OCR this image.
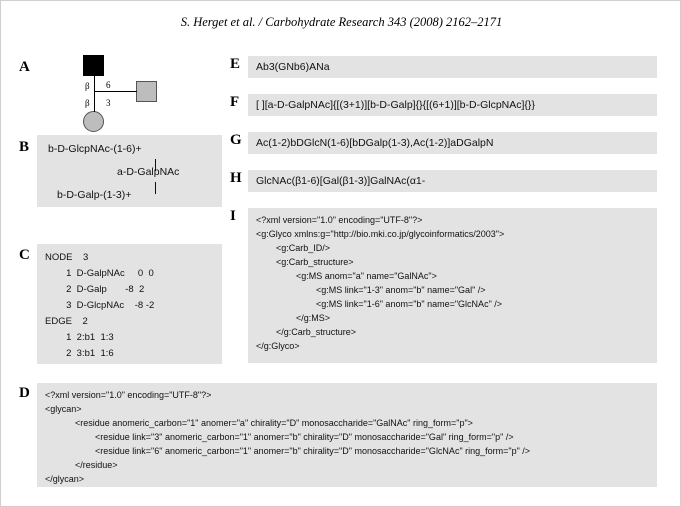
S. Herget et al. / Carbohydrate Research 343 (2008) 2162–2171
A
β 6
β 3
B b-D-GlcpNAc-(1-6)+
a-D-GalpNAc
b-D-Galp-(1-3)+
C NODE    3
1  D-GalpNAc     0  0
2  D-Galp       -8  2
3  D-GlcpNAc    -8 -2
EDGE    2
1  2:b1  1:3
2  3:b1  1:6
D <?xml version="1.0" encoding="UTF-8"?>
<glycan>
<residue anomeric_carbon="1" anomer="a" chirality="D" monosaccharide="GalNAc" ring_form="p">
<residue link="3" anomeric_carbon="1" anomer="b" chirality="D" monosaccharide="Gal" ring_form="p" />
<residue link="6" anomeric_carbon="1" anomer="b" chirality="D" monosaccharide="GlcNAc" ring_form="p" />
</residue>
</glycan>
E Ab3(GNb6)ANa
F [ ][a-D-GalpNAc]{[(3+1)][b-D-Galp]{}{[(6+1)][b-D-GlcpNAc]{}}
G Ac(1-2)bDGlcN(1-6)[bDGalp(1-3),Ac(1-2)]aDGalpN
H GlcNAc(β1-6)[Gal(β1-3)]GalNAc(α1-
I <?xml version="1.0" encoding="UTF-8"?>
<g:Glyco xmlns:g="http://bio.mki.co.jp/glycoinformatics/2003">
<g:Carb_ID/>
<g:Carb_structure>
<g:MS anom="a" name="GalNAc">
<g:MS link="1-3" anom="b" name="Gal" />
<g:MS link="1-6" anom="b" name="GlcNAc" />
</g:MS>
</g:Carb_structure>
</g:Glyco>
